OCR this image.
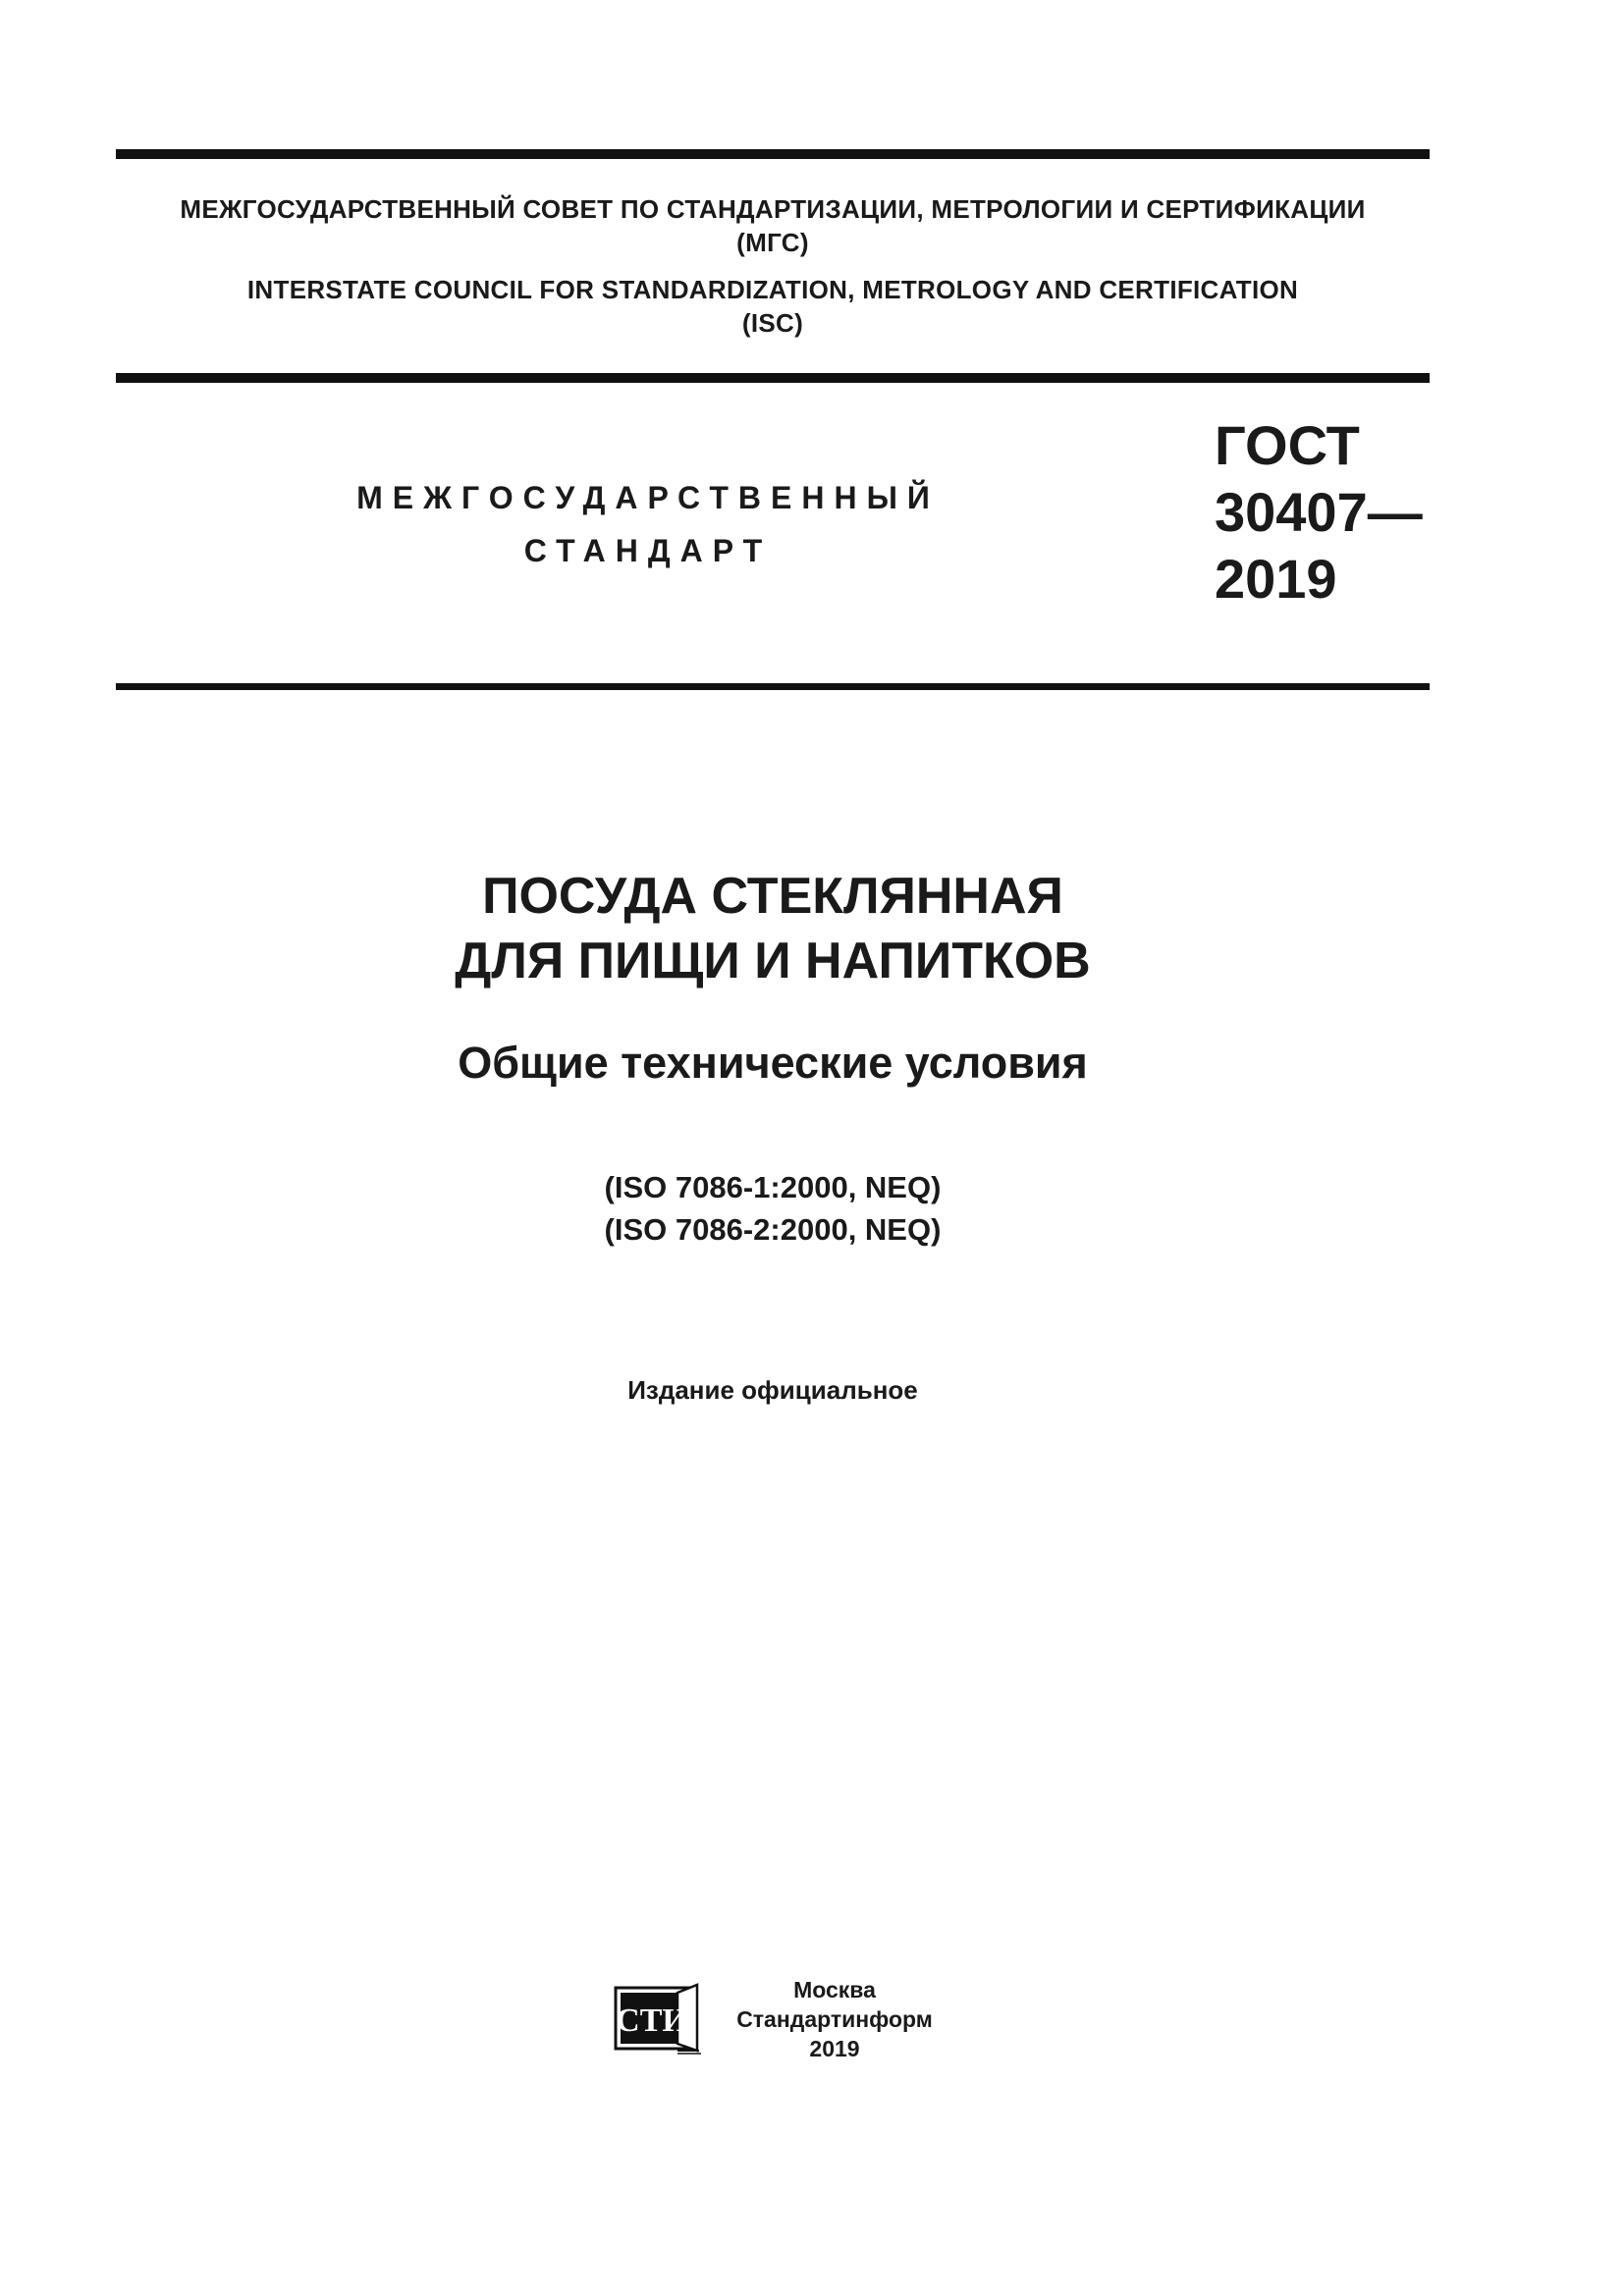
МЕЖГОСУДАРСТВЕННЫЙ СОВЕТ ПО СТАНДАРТИЗАЦИИ, МЕТРОЛОГИИ И СЕРТИФИКАЦИИ
(МГС)
INTERSTATE COUNCIL FOR STANDARDIZATION, METROLOGY AND CERTIFICATION
(ISC)
МЕЖГОСУДАРСТВЕННЫЙ
СТАНДАРТ
ГОСТ
30407—
2019
ПОСУДА СТЕКЛЯННАЯ
ДЛЯ ПИЩИ И НАПИТКОВ
Общие технические условия
(ISO 7086-1:2000, NEQ)
(ISO 7086-2:2000, NEQ)
Издание официальное
СТИ
Москва
Стандартинформ
2019
